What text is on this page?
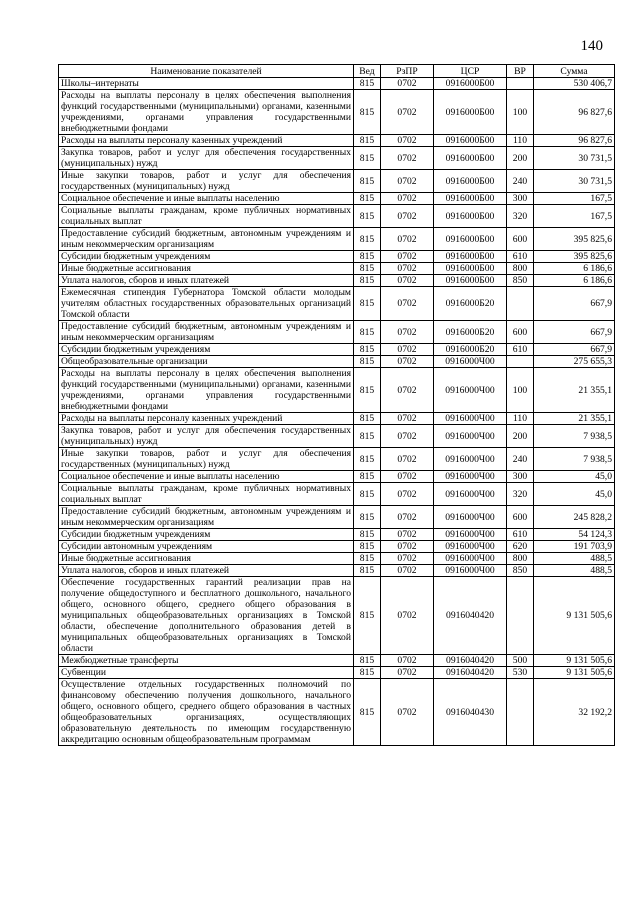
140
Наименование показателей	Вед	РзПР	ЦСР	ВР	Сумма
Школы–интернаты	815	0702	0916000Б00		530 406,7
Расходы на выплаты персоналу в целях обеспечения выполнения функций государственными (муниципальными) органами, казенными учреждениями, органами управления государственными внебюджетными фондами	815	0702	0916000Б00	100	96 827,6
Расходы на выплаты персоналу казенных учреждений	815	0702	0916000Б00	110	96 827,6
Закупка товаров, работ и услуг для обеспечения государственных (муниципальных) нужд	815	0702	0916000Б00	200	30 731,5
Иные закупки товаров, работ и услуг для обеспечения государственных (муниципальных) нужд	815	0702	0916000Б00	240	30 731,5
Социальное обеспечение и иные выплаты населению	815	0702	0916000Б00	300	167,5
Социальные выплаты гражданам, кроме публичных нормативных социальных выплат	815	0702	0916000Б00	320	167,5
Предоставление субсидий бюджетным, автономным учреждениям и иным некоммерческим организациям	815	0702	0916000Б00	600	395 825,6
Субсидии бюджетным учреждениям	815	0702	0916000Б00	610	395 825,6
Иные бюджетные ассигнования	815	0702	0916000Б00	800	6 186,6
Уплата налогов, сборов и иных платежей	815	0702	0916000Б00	850	6 186,6
Ежемесячная стипендия Губернатора Томской области молодым учителям областных государственных образовательных организаций Томской области	815	0702	0916000Б20		667,9
Предоставление субсидий бюджетным, автономным учреждениям и иным некоммерческим организациям	815	0702	0916000Б20	600	667,9
Субсидии бюджетным учреждениям	815	0702	0916000Б20	610	667,9
Общеобразовательные организации	815	0702	0916000Ч00		275 655,3
Расходы на выплаты персоналу в целях обеспечения выполнения функций государственными (муниципальными) органами, казенными учреждениями, органами управления государственными внебюджетными фондами	815	0702	0916000Ч00	100	21 355,1
Расходы на выплаты персоналу казенных учреждений	815	0702	0916000Ч00	110	21 355,1
Закупка товаров, работ и услуг для обеспечения государственных (муниципальных) нужд	815	0702	0916000Ч00	200	7 938,5
Иные закупки товаров, работ и услуг для обеспечения государственных (муниципальных) нужд	815	0702	0916000Ч00	240	7 938,5
Социальное обеспечение и иные выплаты населению	815	0702	0916000Ч00	300	45,0
Социальные выплаты гражданам, кроме публичных нормативных социальных выплат	815	0702	0916000Ч00	320	45,0
Предоставление субсидий бюджетным, автономным учреждениям и иным некоммерческим организациям	815	0702	0916000Ч00	600	245 828,2
Субсидии бюджетным учреждениям	815	0702	0916000Ч00	610	54 124,3
Субсидии автономным учреждениям	815	0702	0916000Ч00	620	191 703,9
Иные бюджетные ассигнования	815	0702	0916000Ч00	800	488,5
Уплата налогов, сборов и иных платежей	815	0702	0916000Ч00	850	488,5
Обеспечение государственных гарантий реализации прав на получение общедоступного и бесплатного дошкольного, начального общего, основного общего, среднего общего образования в муниципальных общеобразовательных организациях в Томской области, обеспечение дополнительного образования детей в муниципальных общеобразовательных организациях в Томской области	815	0702	0916040420		9 131 505,6
Межбюджетные трансферты	815	0702	0916040420	500	9 131 505,6
Субвенции	815	0702	0916040420	530	9 131 505,6
Осуществление отдельных государственных полномочий по финансовому обеспечению получения дошкольного, начального общего, основного общего, среднего общего образования в частных общеобразовательных организациях, осуществляющих образовательную деятельность по имеющим государственную аккредитацию основным общеобразовательным программам	815	0702	0916040430		32 192,2
